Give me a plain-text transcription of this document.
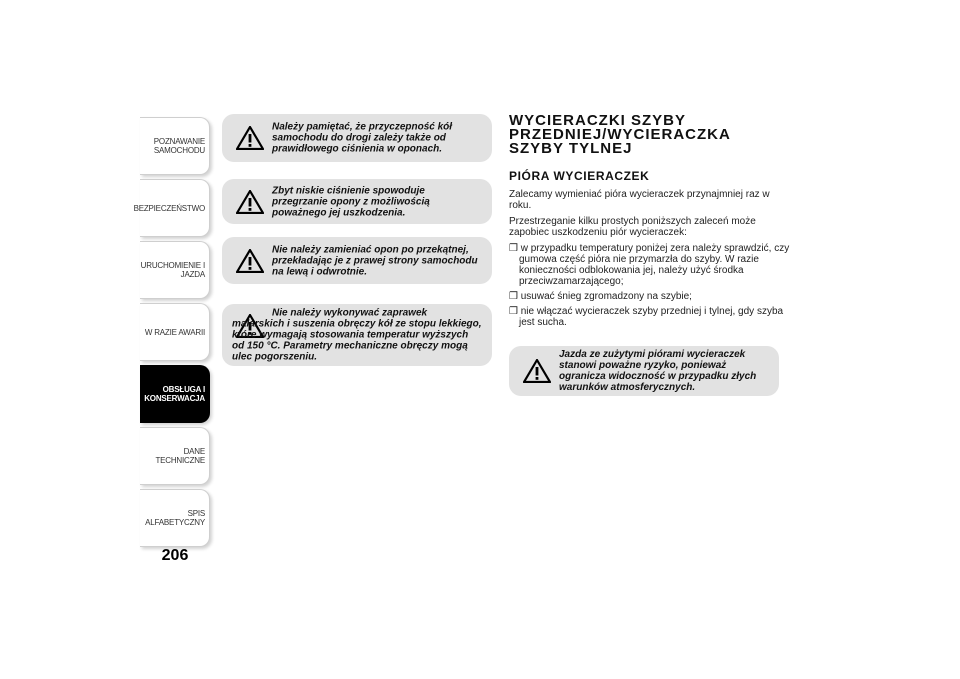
POZNAWANIE
SAMOCHODU
BEZPIECZEŃSTWO
URUCHOMIENIE I
JAZDA
W RAZIE AWARII
OBSŁUGA I
KONSERWACJA
DANE TECHNICZNE
SPIS ALFABETYCZNY
206
Należy pamiętać, że przyczepność kół samochodu do drogi zależy także od prawidłowego ciśnienia w oponach.
Zbyt niskie ciśnienie spowoduje przegrzanie opony z możliwością poważnego jej uszkodzenia.
Nie należy zamieniać opon po przekątnej, przekładając je z prawej strony samochodu na lewą i odwrotnie.
Nie należy wykonywać zaprawek malarskich i suszenia obręczy kół ze stopu lekkiego, które wymagają stosowania temperatur wyższych od 150 °C. Parametry mechaniczne obręczy mogą ulec pogorszeniu.
WYCIERACZKI SZYBY PRZEDNIEJ/WYCIERACZKA SZYBY TYLNEJ
PIÓRA WYCIERACZEK

Zalecamy wymieniać pióra wycieraczek przynajmniej raz w roku.

Przestrzeganie kilku prostych poniższych zaleceń może zapobiec uszkodzeniu piór wycieraczek:

❒ w przypadku temperatury poniżej zera należy sprawdzić, czy gumowa część pióra nie przymarzła do szyby. W razie konieczności odblokowania jej, należy użyć środka przeciwzamarzającego;
❒ usuwać śnieg zgromadzony na szybie;
❒ nie włączać wycieraczek szyby przedniej i tylnej, gdy szyba jest sucha.
Jazda ze zużytymi piórami wycieraczek stanowi poważne ryzyko, ponieważ ogranicza widoczność w przypadku złych warunków atmosferycznych.
